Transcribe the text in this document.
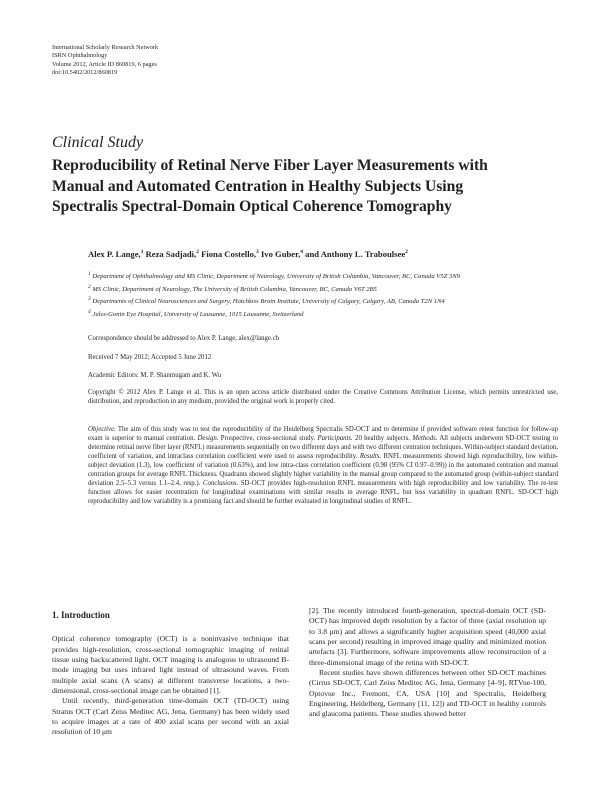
International Scholarly Research Network
ISRN Ophthalmology
Volume 2012, Article ID 860819, 6 pages
doi:10.5402/2012/860819
Clinical Study
Reproducibility of Retinal Nerve Fiber Layer Measurements with
Manual and Automated Centration in Healthy Subjects Using
Spectralis Spectral-Domain Optical Coherence Tomography
Alex P. Lange,$^1$ Reza Sadjadi,$^2$ Fiona Costello,$^3$ Ivo Guber,$^4$ and Anthony L. Traboulsee$^2$
$^1$ Department of Ophthalmology and MS Clinic, Department of Neurology, University of British Columbia, Vancouver, BC, Canada V5Z 3N9
$^2$ MS Clinic, Department of Neurology, The University of British Columbia, Vancouver, BC, Canada V6T 2B5
$^3$ Departments of Clinical Neurosciences and Surgery, Hotchkiss Brain Institute, University of Calgary, Calgary, AB, Canada T2N 1N4
$^4$ Jules-Gonin Eye Hospital, University of Lausanne, 1015 Lausanne, Switzerland
Correspondence should be addressed to Alex P. Lange, alex@lange.ch
Received 7 May 2012; Accepted 5 June 2012
Academic Editors: M. P. Shanmugam and K. Wu
Copyright © 2012 Alex P. Lange et al. This is an open access article distributed under the Creative Commons Attribution License, which permits unrestricted use, distribution, and reproduction in any medium, provided the original work is properly cited.
Objective. The aim of this study was to test the reproducibility of the Heidelberg Spectralis SD-OCT and to determine if provided software retest function for follow-up exam is superior to manual centration. Design. Prospective, cross-sectional study. Participants. 20 healthy subjects. Methods. All subjects underwent SD-OCT testing to determine retinal nerve fiber layer (RNFL) measurements sequentially on two different days and with two different centration techniques. Within-subject standard deviation, coefficient of variation, and intraclass correlation coefficient were used to assess reproducibility. Results. RNFL measurements showed high reproducibility, low within-subject deviation (1.3), low coefficient of variation (0.63%), and low intra-class correlation coefficient (0.98 (95% CI 0.97–0.99)) in the automated centration and manual centration groups for average RNFL Thickness. Quadrants showed slightly higher variability in the manual group compared to the automated group (within-subject standard deviation 2.5–5.3 versus 1.1–2.4, resp.). Conclusions. SD-OCT provides high-resolution RNFL measurements with high reproducibility and low variability. The re-test function allows for easier recentration for longitudinal examinations with similar results in average RNFL, but less variability in quadrant RNFL. SD-OCT high reproducibility and low variability is a promising fact and should be further evaluated in longitudinal studies of RNFL.
1. Introduction

Optical coherence tomography (OCT) is a noninvasive technique that provides high-resolution, cross-sectional tomographic imaging of retinal tissue using backscattered light. OCT imaging is analogous to ultrasound B-mode imaging but uses infrared light instead of ultrasound waves. From multiple axial scans (A scans) at different transverse locations, a two-dimensional, cross-sectional image can be obtained [1].

Until recently, third-generation time-domain OCT (TD-OCT) using Stratus OCT (Carl Zeiss Meditec AG, Jena, Germany) has been widely used to acquire images at a rate of 400 axial scans per second with an axial resolution of 10 μm

[2]. The recently introduced fourth-generation, spectral-domain OCT (SD-OCT) has improved depth resolution by a factor of three (axial resolution up to 3.8 μm) and allows a significantly higher acquisition speed (40,000 axial scans per second) resulting in improved image quality and minimized motion artefacts [3]. Furthermore, software improvements allow reconstruction of a three-dimensional image of the retina with SD-OCT.

Recent studies have shown differences between other SD-OCT machines (Cirrus SD-OCT, Carl Zeiss Meditec AG, Jena, Germany [4–9], RTVue-100, Optovue Inc., Fremont, CA, USA [10] and Spectralis, Heidelberg Engineering, Heidelberg, Germany [11, 12]) and TD-OCT in healthy controls and glaucoma patients. These studies showed better
